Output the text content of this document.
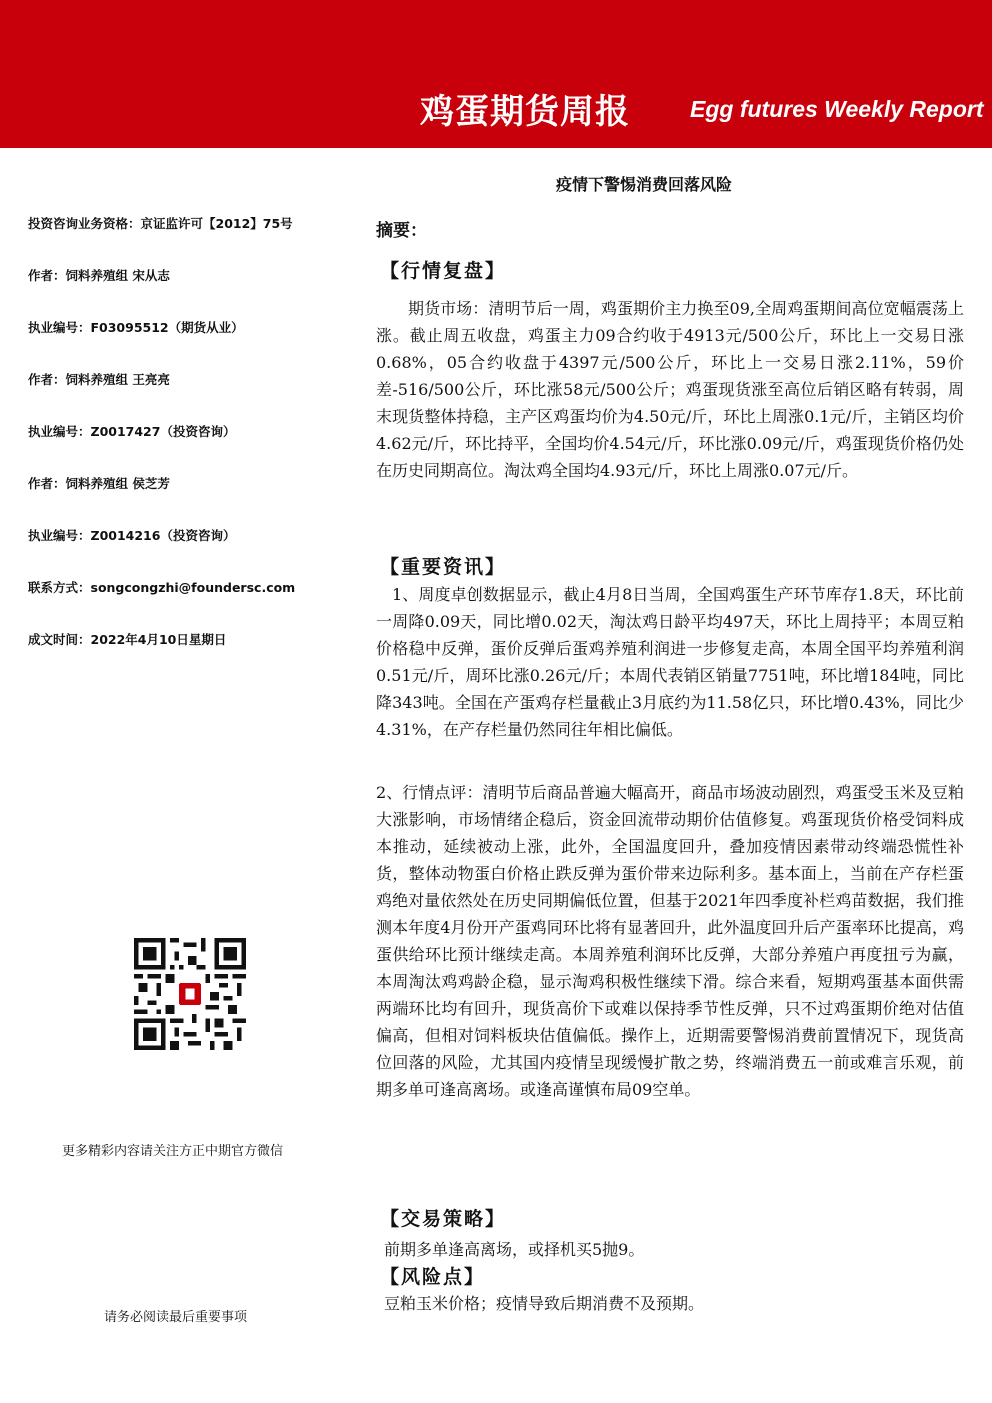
鸡蛋期货周报	Egg futures Weekly Report
疫情下警惕消费回落风险
投资咨询业务资格：京证监许可【2012】75号
作者：饲料养殖组 宋从志
执业编号：F03095512（期货从业）
作者：饲料养殖组 王亮亮
执业编号：Z0017427（投资咨询）
作者：饲料养殖组 侯芝芳
执业编号：Z0014216（投资咨询）
联系方式：songcongzhi@foundersc.com
成文时间：2022年4月10日星期日
更多精彩内容请关注方正中期官方微信
请务必阅读最后重要事项
摘要：
【行情复盘】
期货市场：清明节后一周，鸡蛋期价主力换至09,全周鸡蛋期间高位宽幅震荡上涨。截止周五收盘，鸡蛋主力09合约收于4913元/500公斤，环比上一交易日涨0.68%，05合约收盘于4397元/500公斤，环比上一交易日涨2.11%，59价差-516/500公斤，环比涨58元/500公斤；鸡蛋现货涨至高位后销区略有转弱，周末现货整体持稳，主产区鸡蛋均价为4.50元/斤，环比上周涨0.1元/斤，主销区均价4.62元/斤，环比持平，全国均价4.54元/斤，环比涨0.09元/斤，鸡蛋现货价格仍处在历史同期高位。淘汰鸡全国均4.93元/斤，环比上周涨0.07元/斤。
【重要资讯】
1、周度卓创数据显示，截止4月8日当周，全国鸡蛋生产环节库存1.8天，环比前一周降0.09天，同比增0.02天，淘汰鸡日龄平均497天，环比上周持平；本周豆粕价格稳中反弹，蛋价反弹后蛋鸡养殖利润进一步修复走高，本周全国平均养殖利润0.51元/斤，周环比涨0.26元/斤；本周代表销区销量7751吨，环比增184吨，同比降343吨。全国在产蛋鸡存栏量截止3月底约为11.58亿只，环比增0.43%，同比少4.31%，在产存栏量仍然同往年相比偏低。
2、行情点评：清明节后商品普遍大幅高开，商品市场波动剧烈，鸡蛋受玉米及豆粕大涨影响，市场情绪企稳后，资金回流带动期价估值修复。鸡蛋现货价格受饲料成本推动，延续被动上涨，此外，全国温度回升，叠加疫情因素带动终端恐慌性补货，整体动物蛋白价格止跌反弹为蛋价带来边际利多。基本面上，当前在产存栏蛋鸡绝对量依然处在历史同期偏低位置，但基于2021年四季度补栏鸡苗数据，我们推测本年度4月份开产蛋鸡同环比将有显著回升，此外温度回升后产蛋率环比提高，鸡蛋供给环比预计继续走高。本周养殖利润环比反弹，大部分养殖户再度扭亏为赢，本周淘汰鸡鸡龄企稳，显示淘鸡积极性继续下滑。综合来看，短期鸡蛋基本面供需两端环比均有回升，现货高价下或难以保持季节性反弹，只不过鸡蛋期价绝对估值偏高，但相对饲料板块估值偏低。操作上，近期需要警惕消费前置情况下，现货高位回落的风险，尤其国内疫情呈现缓慢扩散之势，终端消费五一前或难言乐观，前期多单可逢高离场。或逢高谨慎布局09空单。
【交易策略】
前期多单逢高离场，或择机买5抛9。
【风险点】
豆粕玉米价格；疫情导致后期消费不及预期。
